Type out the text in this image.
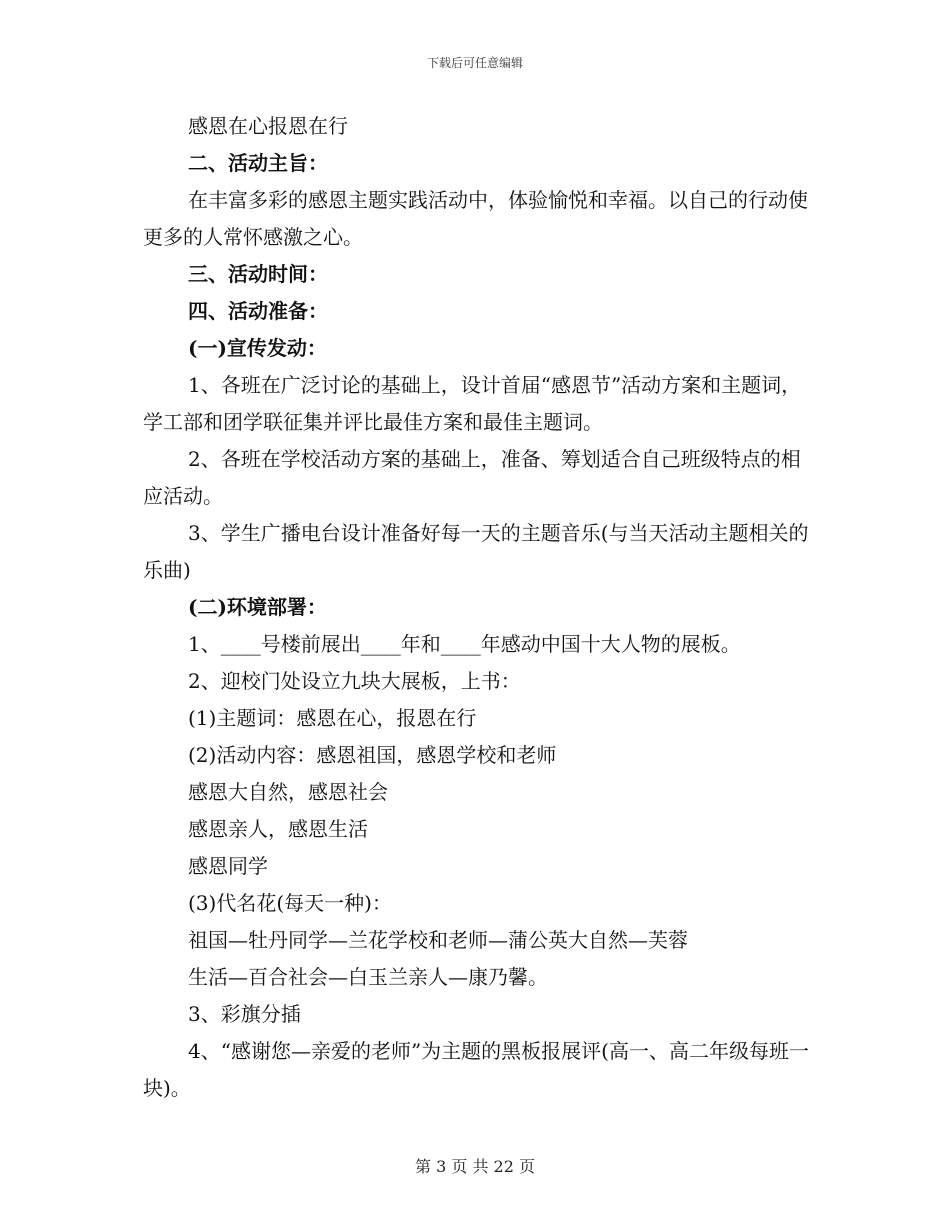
下载后可任意编辑

感恩在心报恩在行

二、活动主旨：

在丰富多彩的感恩主题实践活动中，体验愉悦和幸福。以自己的行动使更多的人常怀感激之心。

三、活动时间：

四、活动准备：

(一)宣传发动：

1、各班在广泛讨论的基础上，设计首届“感恩节”活动方案和主题词，学工部和团学联征集并评比最佳方案和最佳主题词。

2、各班在学校活动方案的基础上，准备、筹划适合自己班级特点的相应活动。

3、学生广播电台设计准备好每一天的主题音乐(与当天活动主题相关的乐曲)

(二)环境部署：

1、____号楼前展出____年和____年感动中国十大人物的展板。

2、迎校门处设立九块大展板，上书：

(1)主题词：感恩在心，报恩在行

(2)活动内容：感恩祖国，感恩学校和老师

感恩大自然，感恩社会

感恩亲人，感恩生活

感恩同学

(3)代名花(每天一种)：

祖国—牡丹同学—兰花学校和老师—蒲公英大自然—芙蓉

生活—百合社会—白玉兰亲人—康乃馨。

3、彩旗分插

4、“感谢您—亲爱的老师”为主题的黑板报展评(高一、高二年级每班一块)。

第 3 页 共 22 页
